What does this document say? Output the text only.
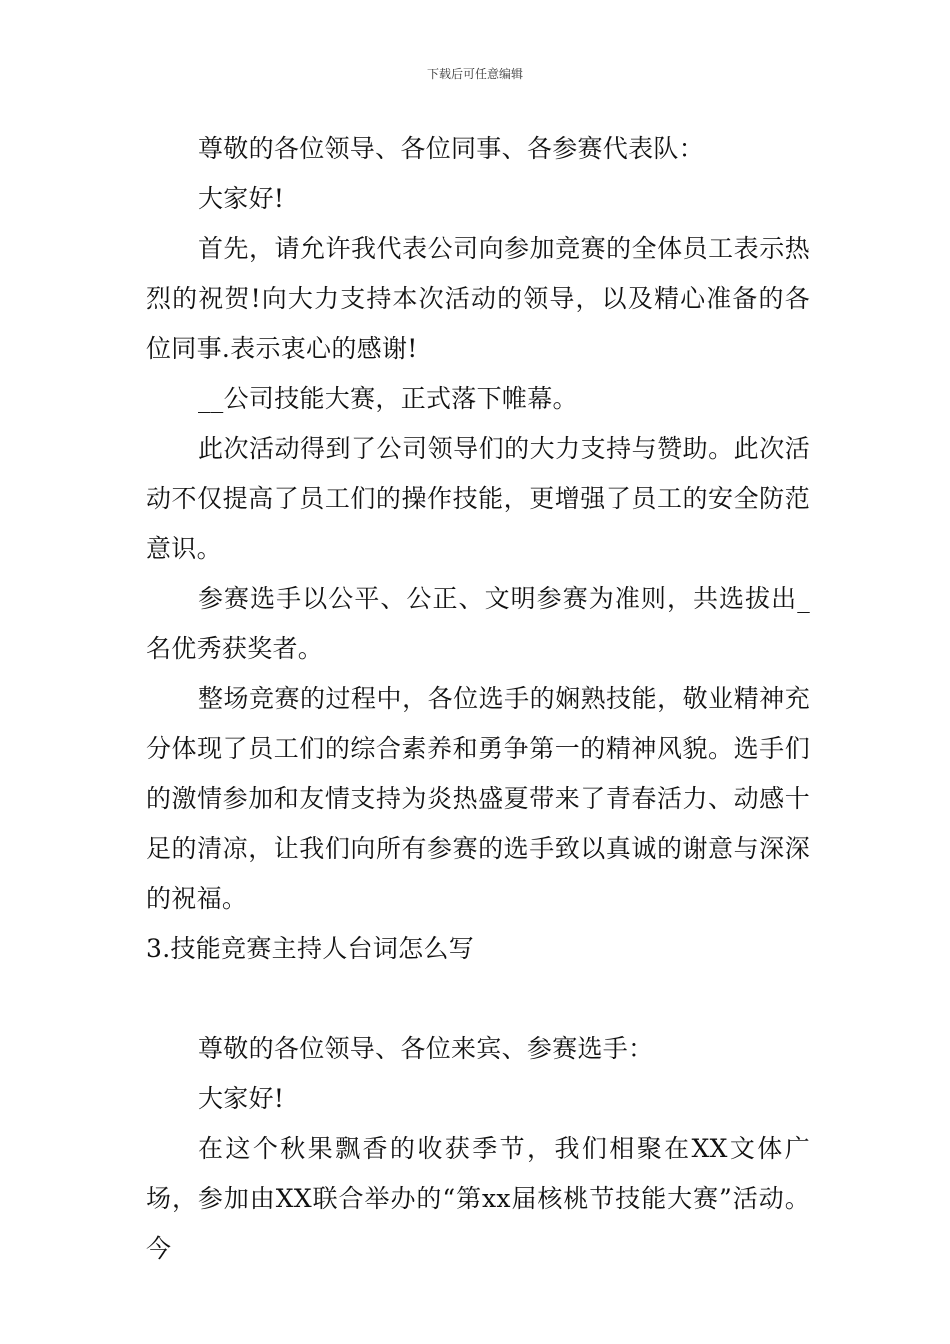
下载后可任意编辑

尊敬的各位领导、各位同事、各参赛代表队：

大家好!

首先，请允许我代表公司向参加竞赛的全体员工表示热烈的祝贺!向大力支持本次活动的领导，以及精心准备的各位同事.表示衷心的感谢!

__公司技能大赛，正式落下帷幕。

此次活动得到了公司领导们的大力支持与赞助。此次活动不仅提高了员工们的操作技能，更增强了员工的安全防范意识。

参赛选手以公平、公正、文明参赛为准则，共选拔出_名优秀获奖者。

整场竞赛的过程中，各位选手的娴熟技能，敬业精神充分体现了员工们的综合素养和勇争第一的精神风貌。选手们的激情参加和友情支持为炎热盛夏带来了青春活力、动感十足的清凉，让我们向所有参赛的选手致以真诚的谢意与深深的祝福。

3.技能竞赛主持人台词怎么写

尊敬的各位领导、各位来宾、参赛选手：

大家好!

在这个秋果飘香的收获季节，我们相聚在XX文体广场，参加由XX联合举办的“第xx届核桃节技能大赛”活动。今
